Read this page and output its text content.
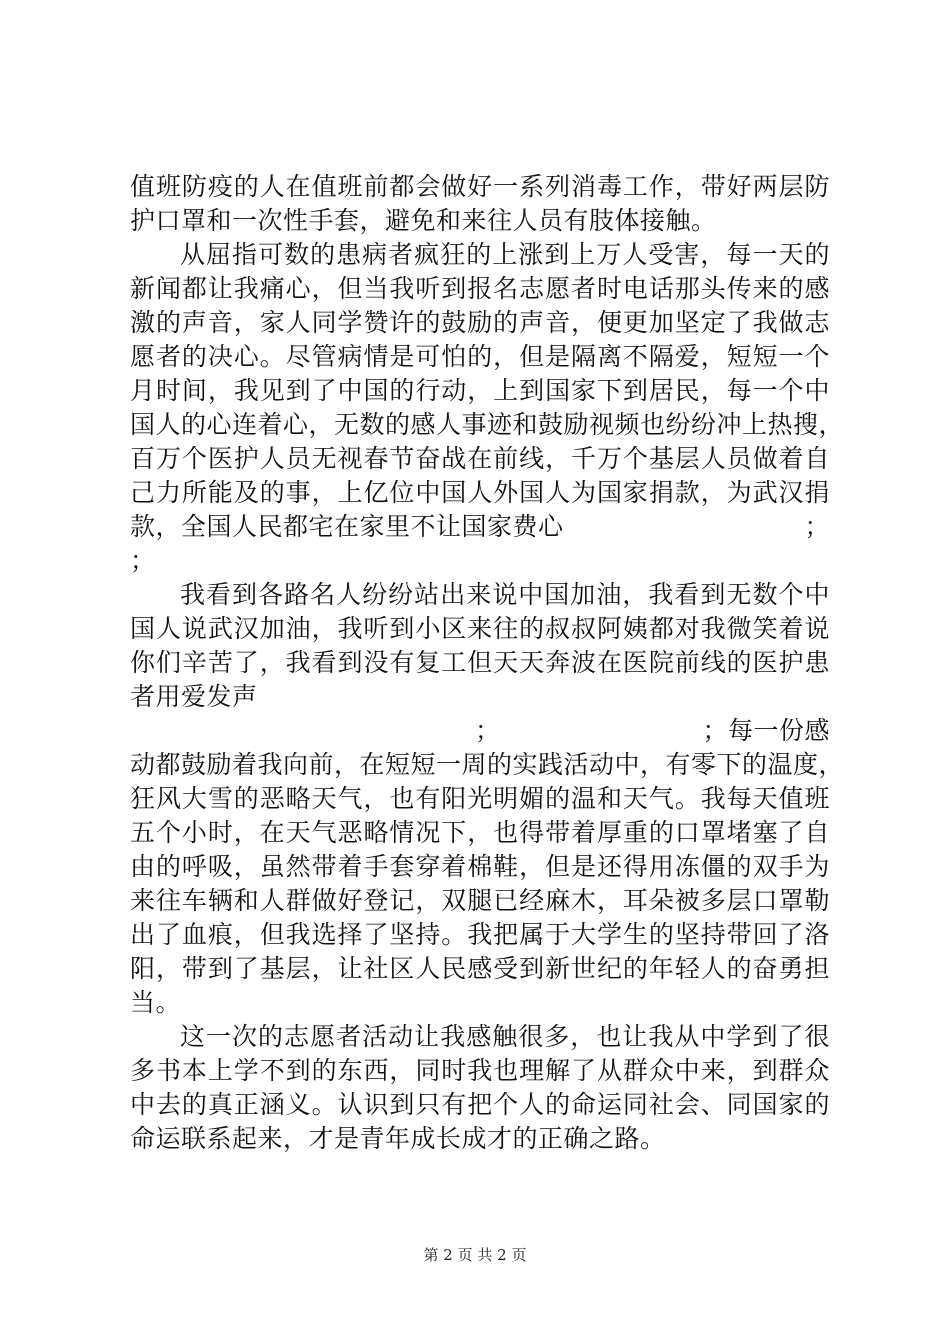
值班防疫的人在值班前都会做好一系列消毒工作，带好两层防
护口罩和一次性手套，避免和来往人员有肢体接触。

从屈指可数的患病者疯狂的上涨到上万人受害，每一天的
新闻都让我痛心，但当我听到报名志愿者时电话那头传来的感
激的声音，家人同学赞许的鼓励的声音，便更加坚定了我做志
愿者的决心。尽管病情是可怕的，但是隔离不隔爱，短短一个
月时间，我见到了中国的行动，上到国家下到居民，每一个中
国人的心连着心，无数的感人事迹和鼓励视频也纷纷冲上热搜，
百万个医护人员无视春节奋战在前线，千万个基层人员做着自
己力所能及的事，上亿位中国人外国人为国家捐款，为武汉捐
款，全国人民都宅在家里不让国家费心	；
；

我看到各路名人纷纷站出来说中国加油，我看到无数个中
国人说武汉加油，我听到小区来往的叔叔阿姨都对我微笑着说
你们辛苦了，我看到没有复工但天天奔波在医院前线的医护患
者用爱发声
；	；每一份感
动都鼓励着我向前，在短短一周的实践活动中，有零下的温度，
狂风大雪的恶略天气，也有阳光明媚的温和天气。我每天值班
五个小时，在天气恶略情况下，也得带着厚重的口罩堵塞了自
由的呼吸，虽然带着手套穿着棉鞋，但是还得用冻僵的双手为
来往车辆和人群做好登记，双腿已经麻木，耳朵被多层口罩勒
出了血痕，但我选择了坚持。我把属于大学生的坚持带回了洛
阳，带到了基层，让社区人民感受到新世纪的年轻人的奋勇担
当。

这一次的志愿者活动让我感触很多，也让我从中学到了很
多书本上学不到的东西，同时我也理解了从群众中来，到群众
中去的真正涵义。认识到只有把个人的命运同社会、同国家的
命运联系起来，才是青年成长成才的正确之路。

第 2 页 共 2 页
